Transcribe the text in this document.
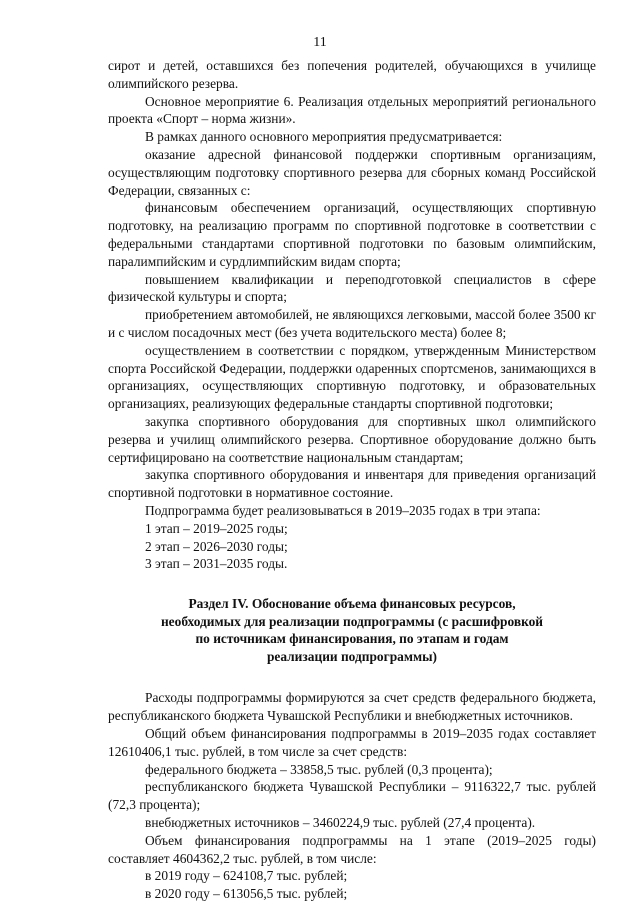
11

сирот и детей, оставшихся без попечения родителей, обучающихся в училище олимпийского резерва.

Основное мероприятие 6. Реализация отдельных мероприятий регионального проекта «Спорт – норма жизни».

В рамках данного основного мероприятия предусматривается:

оказание адресной финансовой поддержки спортивным организациям, осуществляющим подготовку спортивного резерва для сборных команд Российской Федерации, связанных с:

финансовым обеспечением организаций, осуществляющих спортивную подготовку, на реализацию программ по спортивной подготовке в соответствии с федеральными стандартами спортивной подготовки по базовым олимпийским, паралимпийским и сурдлимпийским видам спорта;

повышением квалификации и переподготовкой специалистов в сфере физической культуры и спорта;

приобретением автомобилей, не являющихся легковыми, массой более 3500 кг и с числом посадочных мест (без учета водительского места) более 8;

осуществлением в соответствии с порядком, утвержденным Министерством спорта Российской Федерации, поддержки одаренных спортсменов, занимающихся в организациях, осуществляющих спортивную подготовку, и образовательных организациях, реализующих федеральные стандарты спортивной подготовки;

закупка спортивного оборудования для спортивных школ олимпийского резерва и училищ олимпийского резерва. Спортивное оборудование должно быть сертифицировано на соответствие национальным стандартам;

закупка спортивного оборудования и инвентаря для приведения организаций спортивной подготовки в нормативное состояние.

Подпрограмма будет реализовываться в 2019–2035 годах в три этапа:

1 этап – 2019–2025 годы;

2 этап – 2026–2030 годы;

3 этап – 2031–2035 годы.

Раздел IV. Обоснование объема финансовых ресурсов,
необходимых для реализации подпрограммы (с расшифровкой
по источникам финансирования, по этапам и годам
реализации подпрограммы)

Расходы подпрограммы формируются за счет средств федерального бюджета, республиканского бюджета Чувашской Республики и внебюджетных источников.

Общий объем финансирования подпрограммы в 2019–2035 годах составляет 12610406,1 тыс. рублей, в том числе за счет средств:

федерального бюджета – 33858,5 тыс. рублей (0,3 процента);

республиканского бюджета Чувашской Республики – 9116322,7 тыс. рублей (72,3 процента);

внебюджетных источников – 3460224,9 тыс. рублей (27,4 процента).

Объем финансирования подпрограммы на 1 этапе (2019–2025 годы) составляет 4604362,2 тыс. рублей, в том числе:

в 2019 году – 624108,7 тыс. рублей;

в 2020 году – 613056,5 тыс. рублей;
